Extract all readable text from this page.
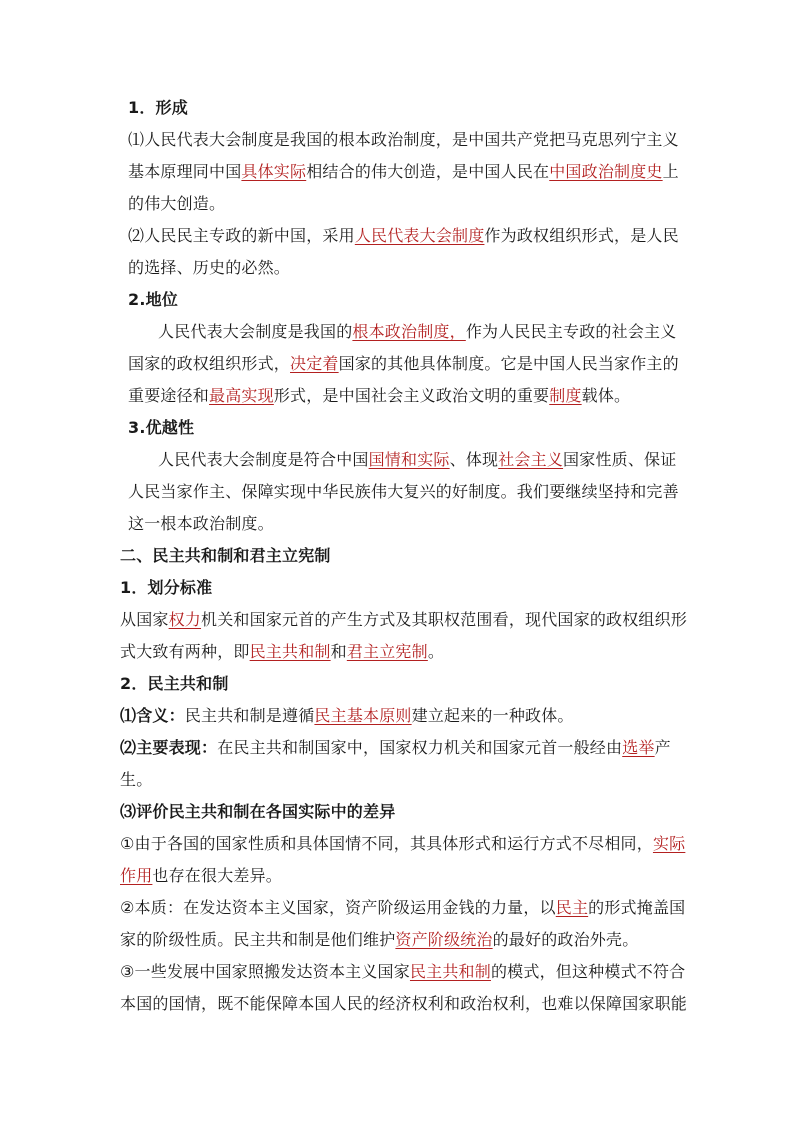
1．形成
⑴人民代表大会制度是我国的根本政治制度，是中国共产党把马克思列宁主义
基本原理同中国具体实际相结合的伟大创造，是中国人民在中国政治制度史上
的伟大创造。
⑵人民民主专政的新中国，采用人民代表大会制度作为政权组织形式，是人民
的选择、历史的必然。
2.地位
人民代表大会制度是我国的根本政治制度，作为人民民主专政的社会主义
国家的政权组织形式，决定着国家的其他具体制度。它是中国人民当家作主的
重要途径和最高实现形式，是中国社会主义政治文明的重要制度载体。
3.优越性
人民代表大会制度是符合中国国情和实际、体现社会主义国家性质、保证
人民当家作主、保障实现中华民族伟大复兴的好制度。我们要继续坚持和完善
这一根本政治制度。
二、民主共和制和君主立宪制
1．划分标准
从国家权力机关和国家元首的产生方式及其职权范围看，现代国家的政权组织形
式大致有两种，即民主共和制和君主立宪制。
2．民主共和制
⑴含义：民主共和制是遵循民主基本原则建立起来的一种政体。
⑵主要表现：在民主共和制国家中，国家权力机关和国家元首一般经由选举产
生。
⑶评价民主共和制在各国实际中的差异
①由于各国的国家性质和具体国情不同，其具体形式和运行方式不尽相同，实际
作用也存在很大差异。
②本质：在发达资本主义国家，资产阶级运用金钱的力量，以民主的形式掩盖国
家的阶级性质。民主共和制是他们维护资产阶级统治的最好的政治外壳。
③一些发展中国家照搬发达资本主义国家民主共和制的模式，但这种模式不符合
本国的国情，既不能保障本国人民的经济权利和政治权利，也难以保障国家职能
